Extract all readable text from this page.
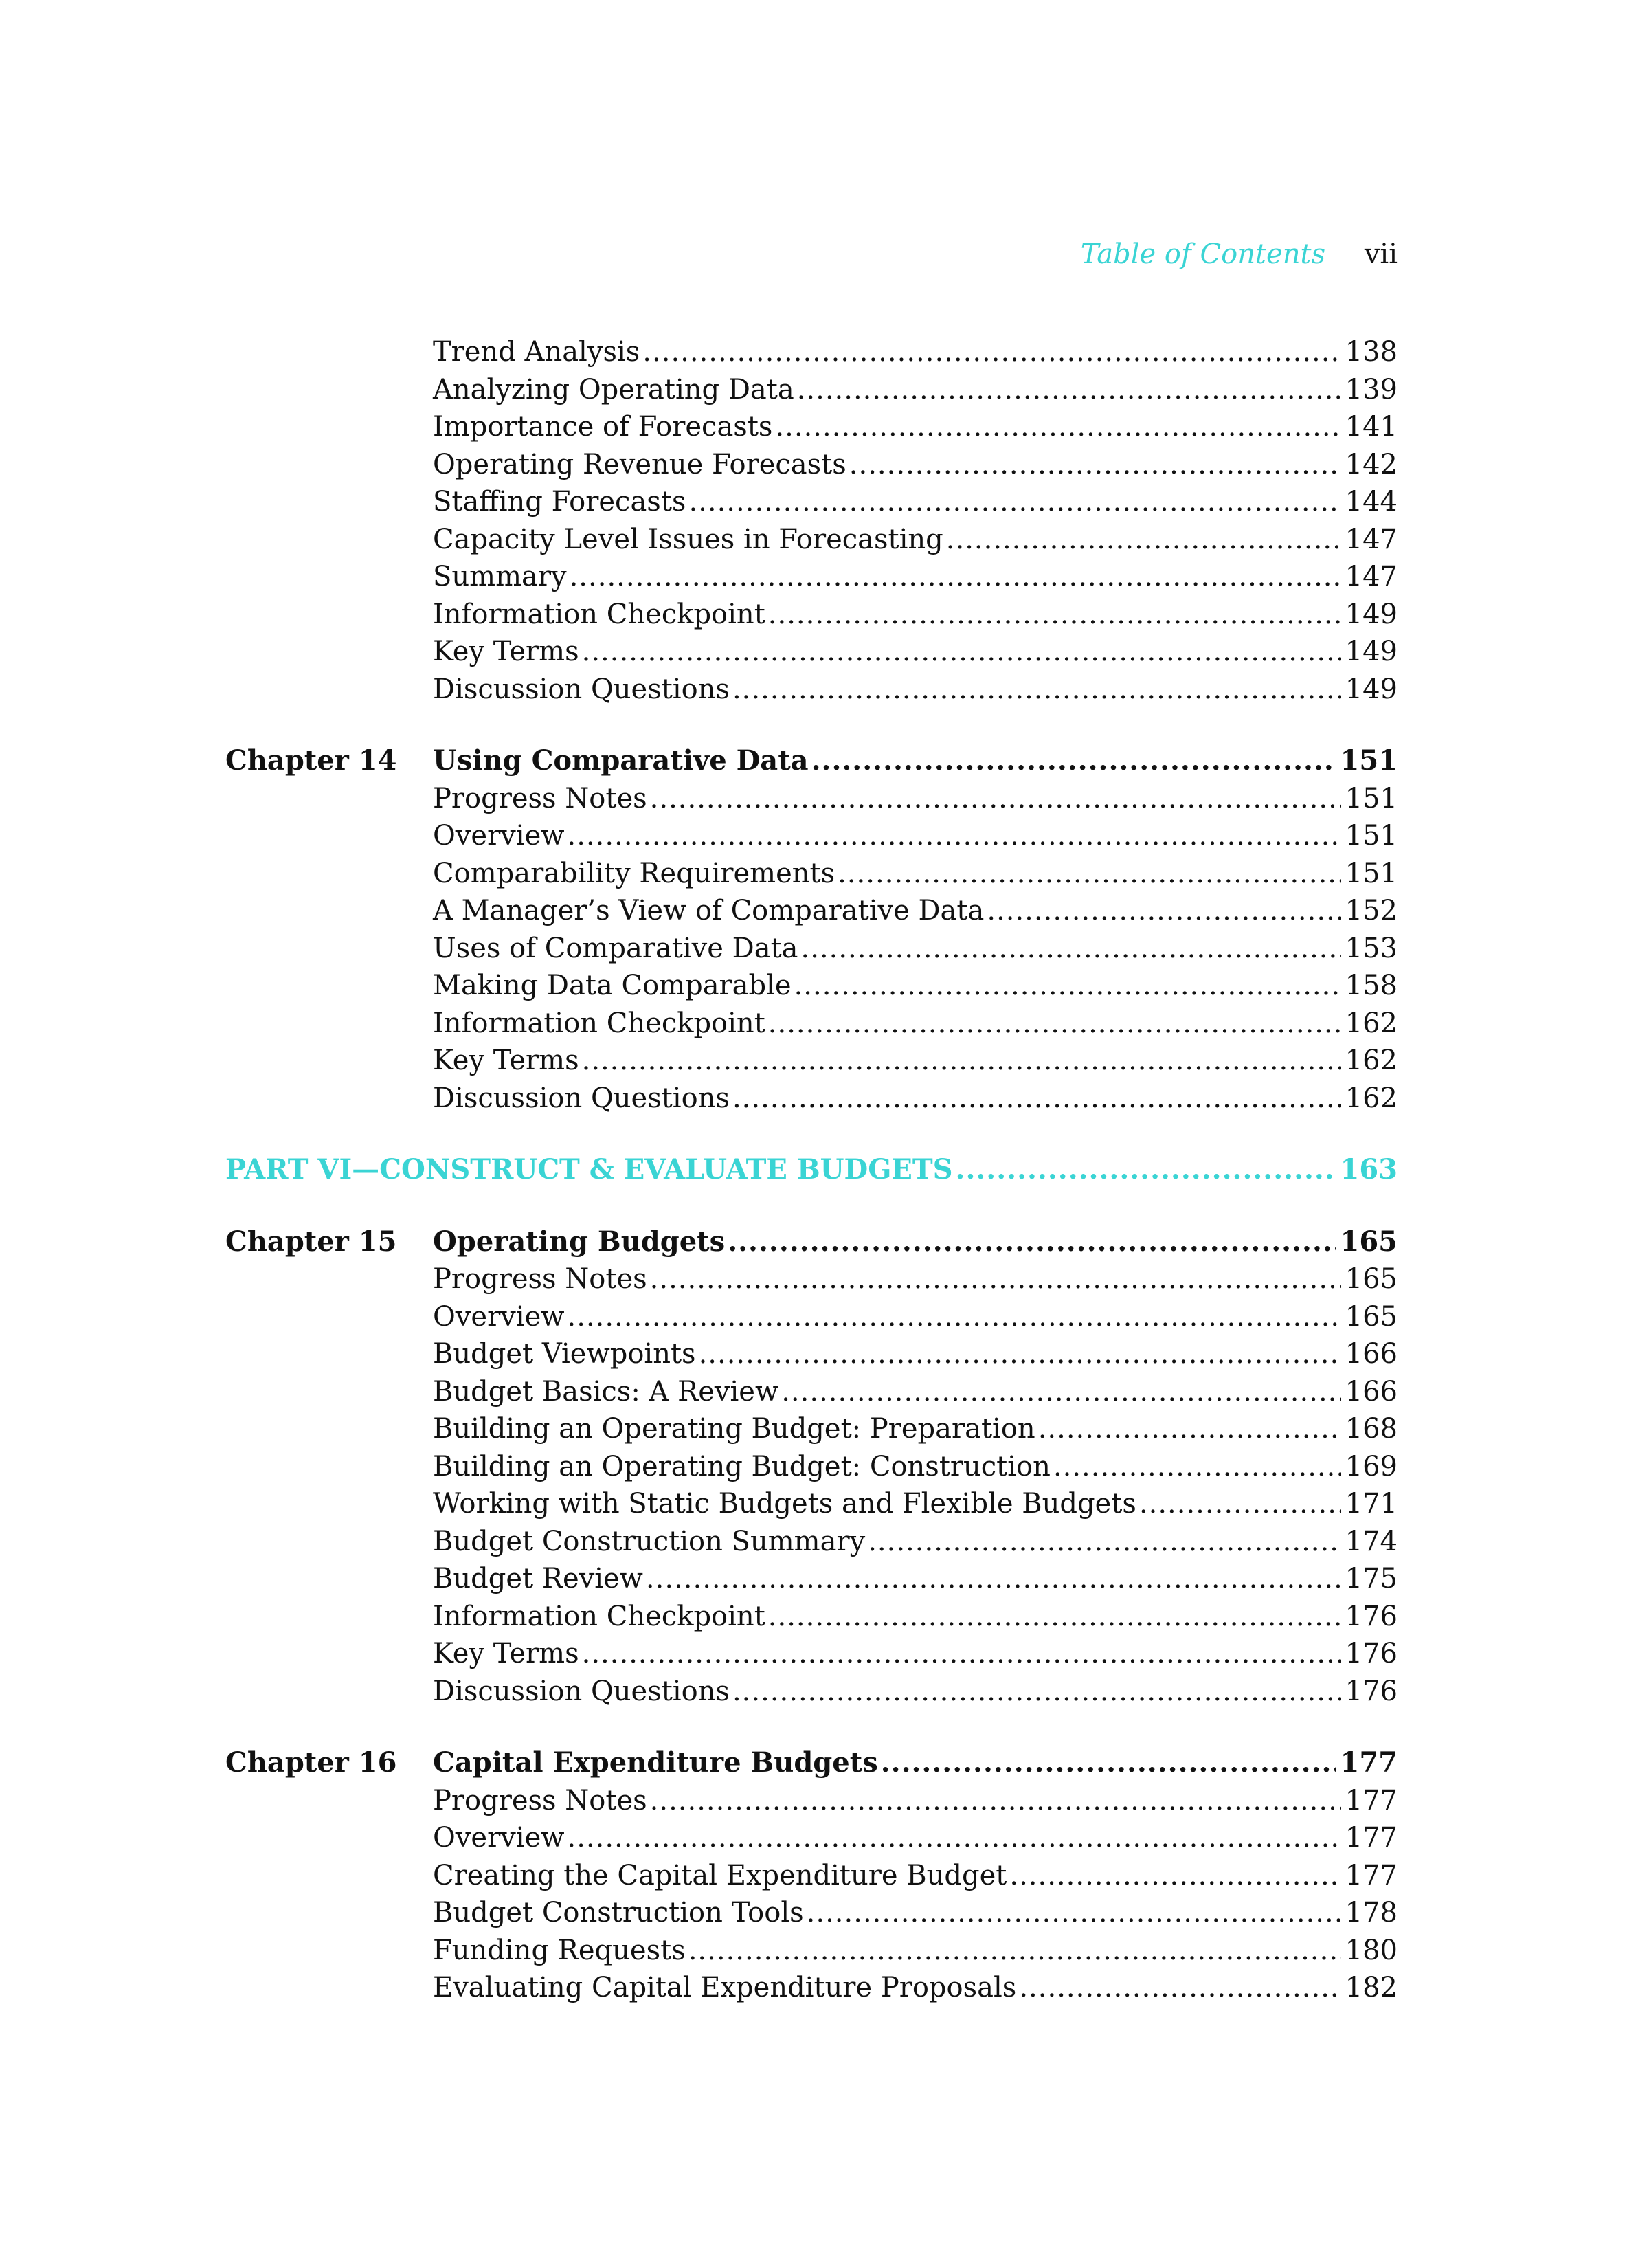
Table of Contents vii
Trend Analysis .....	138
Analyzing Operating Data .....	139
Importance of Forecasts .....	141
Operating Revenue Forecasts .....	142
Staffing Forecasts .....	144
Capacity Level Issues in Forecasting .....	147
Summary .....	147
Information Checkpoint .....	149
Key Terms .....	149
Discussion Questions .....	149
Chapter 14	Using Comparative Data .....	151
Progress Notes .....	151
Overview .....	151
Comparability Requirements .....	151
A Manager’s View of Comparative Data .....	152
Uses of Comparative Data .....	153
Making Data Comparable .....	158
Information Checkpoint .....	162
Key Terms .....	162
Discussion Questions .....	162
PART VI—CONSTRUCT & EVALUATE BUDGETS .....	163
Chapter 15	Operating Budgets .....	165
Progress Notes .....	165
Overview .....	165
Budget Viewpoints .....	166
Budget Basics: A Review .....	166
Building an Operating Budget: Preparation .....	168
Building an Operating Budget: Construction .....	169
Working with Static Budgets and Flexible Budgets .....	171
Budget Construction Summary .....	174
Budget Review .....	175
Information Checkpoint .....	176
Key Terms .....	176
Discussion Questions .....	176
Chapter 16	Capital Expenditure Budgets .....	177
Progress Notes .....	177
Overview .....	177
Creating the Capital Expenditure Budget .....	177
Budget Construction Tools .....	178
Funding Requests .....	180
Evaluating Capital Expenditure Proposals .....	182
